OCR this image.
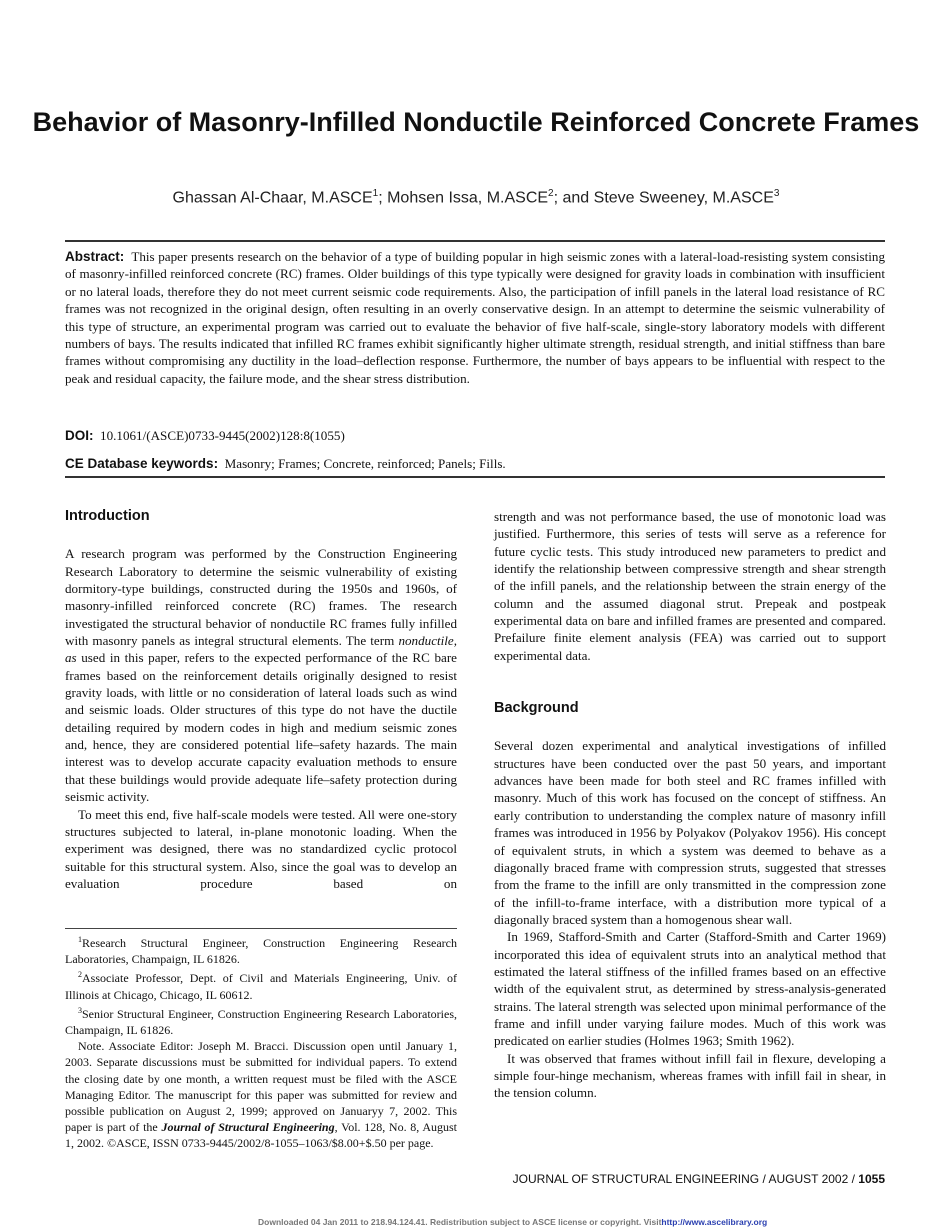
Behavior of Masonry-Infilled Nonductile Reinforced Concrete Frames
Ghassan Al-Chaar, M.ASCE$^1$; Mohsen Issa, M.ASCE$^2$; and Steve Sweeney, M.ASCE$^3$
Abstract: This paper presents research on the behavior of a type of building popular in high seismic zones with a lateral-load-resisting system consisting of masonry-infilled reinforced concrete (RC) frames. Older buildings of this type typically were designed for gravity loads in combination with insufficient or no lateral loads, therefore they do not meet current seismic code requirements. Also, the participation of infill panels in the lateral load resistance of RC frames was not recognized in the original design, often resulting in an overly conservative design. In an attempt to determine the seismic vulnerability of this type of structure, an experimental program was carried out to evaluate the behavior of five half-scale, single-story laboratory models with different numbers of bays. The results indicated that infilled RC frames exhibit significantly higher ultimate strength, residual strength, and initial stiffness than bare frames without compromising any ductility in the load–deflection response. Furthermore, the number of bays appears to be influential with respect to the peak and residual capacity, the failure mode, and the shear stress distribution.
DOI: 10.1061/(ASCE)0733-9445(2002)128:8(1055)
CE Database keywords: Masonry; Frames; Concrete, reinforced; Panels; Fills.
Introduction

A research program was performed by the Construction Engineering Research Laboratory to determine the seismic vulnerability of existing dormitory-type buildings, constructed during the 1950s and 1960s, of masonry-infilled reinforced concrete (RC) frames. The research investigated the structural behavior of nonductile RC frames fully infilled with masonry panels as integral structural elements. The term nonductile, as used in this paper, refers to the expected performance of the RC bare frames based on the reinforcement details originally designed to resist gravity loads, with little or no consideration of lateral loads such as wind and seismic loads. Older structures of this type do not have the ductile detailing required by modern codes in high and medium seismic zones and, hence, they are considered potential life–safety hazards. The main interest was to develop accurate capacity evaluation methods to ensure that these buildings would provide adequate life–safety protection during seismic activity.

To meet this end, five half-scale models were tested. All were one-story structures subjected to lateral, in-plane monotonic loading. When the experiment was designed, there was no standardized cyclic protocol suitable for this structural system. Also, since the goal was to develop an evaluation procedure based on

$^1$Research Structural Engineer, Construction Engineering Research Laboratories, Champaign, IL 61826.

$^2$Associate Professor, Dept. of Civil and Materials Engineering, Univ. of Illinois at Chicago, Chicago, IL 60612.

$^3$Senior Structural Engineer, Construction Engineering Research Laboratories, Champaign, IL 61826.

Note. Associate Editor: Joseph M. Bracci. Discussion open until January 1, 2003. Separate discussions must be submitted for individual papers. To extend the closing date by one month, a written request must be filed with the ASCE Managing Editor. The manuscript for this paper was submitted for review and possible publication on August 2, 1999; approved on Januaryy 7, 2002. This paper is part of the Journal of Structural Engineering, Vol. 128, No. 8, August 1, 2002. ©ASCE, ISSN 0733-9445/2002/8-1055–1063/$8.00+$.50 per page.

strength and was not performance based, the use of monotonic load was justified. Furthermore, this series of tests will serve as a reference for future cyclic tests. This study introduced new parameters to predict and identify the relationship between compressive strength and shear strength of the infill panels, and the relationship between the strain energy of the column and the assumed diagonal strut. Prepeak and postpeak experimental data on bare and infilled frames are presented and compared. Prefailure finite element analysis (FEA) was carried out to support experimental data.

Background

Several dozen experimental and analytical investigations of infilled structures have been conducted over the past 50 years, and important advances have been made for both steel and RC frames infilled with masonry. Much of this work has focused on the concept of stiffness. An early contribution to understanding the complex nature of masonry infill frames was introduced in 1956 by Polyakov (Polyakov 1956). His concept of equivalent struts, in which a system was deemed to behave as a diagonally braced frame with compression struts, suggested that stresses from the frame to the infill are only transmitted in the compression zone of the infill-to-frame interface, with a distribution more typical of a diagonally braced system than a homogenous shear wall.

In 1969, Stafford-Smith and Carter (Stafford-Smith and Carter 1969) incorporated this idea of equivalent struts into an analytical method that estimated the lateral stiffness of the infilled frames based on an effective width of the equivalent strut, as determined by stress-analysis-generated strains. The lateral strength was selected upon minimal performance of the frame and infill under varying failure modes. Much of this work was predicated on earlier studies (Holmes 1963; Smith 1962).

It was observed that frames without infill fail in flexure, developing a simple four-hinge mechanism, whereas frames with infill fail in shear, in the tension column.

JOURNAL OF STRUCTURAL ENGINEERING / AUGUST 2002 / 1055
Downloaded 04 Jan 2011 to 218.94.124.41. Redistribution subject to ASCE license or copyright. Visithttp://www.ascelibrary.org
